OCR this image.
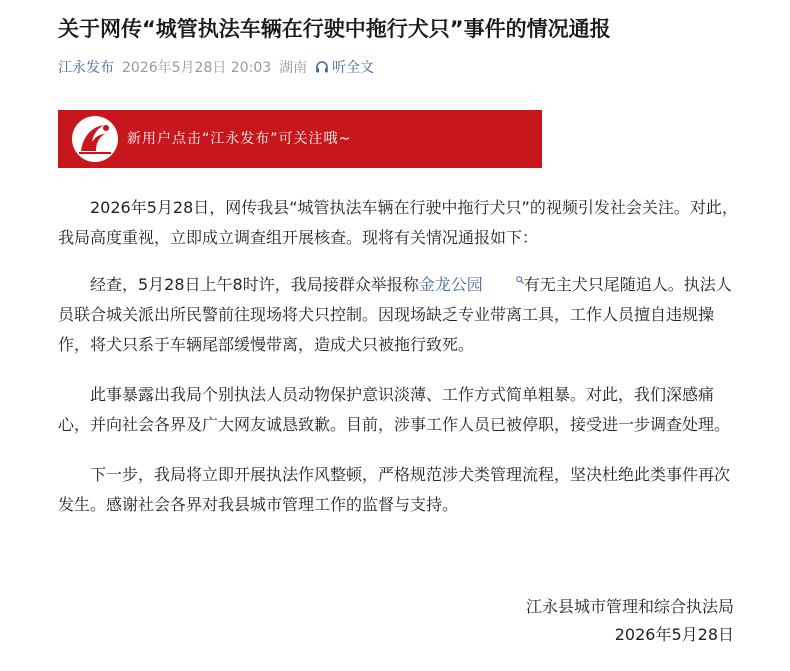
关于网传“城管执法车辆在行驶中拖行犬只”事件的情况通报
江永发布 2026年5月28日 20:03 湖南 听全文
新用户点击“江永发布”可关注哦~

2026年5月28日，网传我县“城管执法车辆在行驶中拖行犬只”的视频引发社会关注。对此，我局高度重视，立即成立调查组开展核查。现将有关情况通报如下：

经查，5月28日上午8时许，我局接群众举报称金龙公园	有无主犬只尾随追人。执法人员联合城关派出所民警前往现场将犬只控制。因现场缺乏专业带离工具，工作人员擅自违规操作，将犬只系于车辆尾部缓慢带离，造成犬只被拖行致死。

此事暴露出我局个别执法人员动物保护意识淡薄、工作方式简单粗暴。对此，我们深感痛心，并向社会各界及广大网友诚恳致歉。目前，涉事工作人员已被停职，接受进一步调查处理。

下一步，我局将立即开展执法作风整顿，严格规范涉犬类管理流程，坚决杜绝此类事件再次发生。感谢社会各界对我县城市管理工作的监督与支持。

江永县城市管理和综合执法局
2026年5月28日
